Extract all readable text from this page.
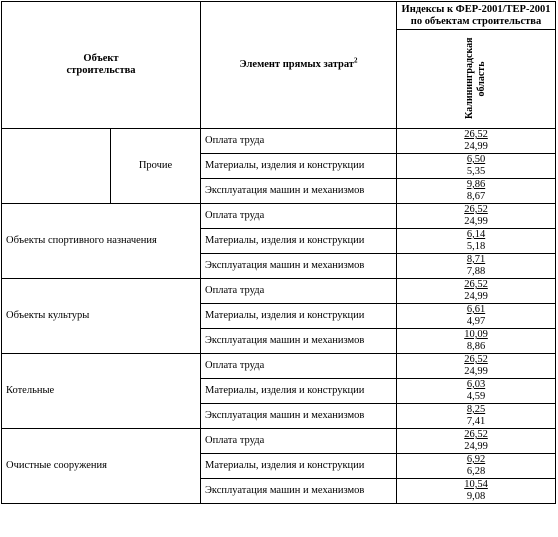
Объект строительства		Элемент прямых затрат$^2$	Индексы к ФЕР-2001/ТЕР-2001 по объектам строительства

			Калининградская область

	Прочие	Оплата труда	26,52
24,99

		Материалы, изделия и конструкции	6,50
5,35

		Эксплуатация машин и механизмов	9,86
8,67

Объекты спортивного назначения		Оплата труда	26,52
24,99

		Материалы, изделия и конструкции	6,14
5,18

		Эксплуатация машин и механизмов	8,71
7,88

Объекты культуры		Оплата труда	26,52
24,99

		Материалы, изделия и конструкции	6,61
4,97

		Эксплуатация машин и механизмов	10,09
8,86

Котельные		Оплата труда	26,52
24,99

		Материалы, изделия и конструкции	6,03
4,59

		Эксплуатация машин и механизмов	8,25
7,41

Очистные сооружения		Оплата труда	26,52
24,99

		Материалы, изделия и конструкции	6,92
6,28

		Эксплуатация машин и механизмов	10,54
9,08
